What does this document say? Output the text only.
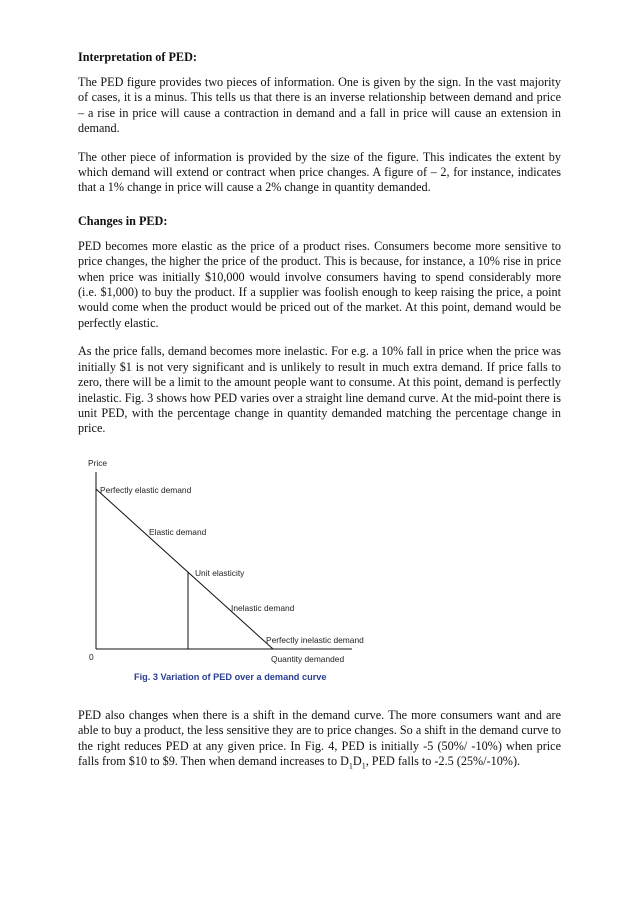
Interpretation of PED:

The PED figure provides two pieces of information. One is given by the sign. In the vast majority of cases, it is a minus. This tells us that there is an inverse relationship between demand and price – a rise in price will cause a contraction in demand and a fall in price will cause an extension in demand.

The other piece of information is provided by the size of the figure. This indicates the extent by which demand will extend or contract when price changes. A figure of – 2, for instance, indicates that a 1% change in price will cause a 2% change in quantity demanded.

Changes in PED:

PED becomes more elastic as the price of a product rises. Consumers become more sensitive to price changes, the higher the price of the product. This is because, for instance, a 10% rise in price when price was initially $10,000 would involve consumers having to spend considerably more (i.e. $1,000) to buy the product. If a supplier was foolish enough to keep raising the price, a point would come when the product would be priced out of the market. At this point, demand would be perfectly elastic.

As the price falls, demand becomes more inelastic. For e.g. a 10% fall in price when the price was initially $1 is not very significant and is unlikely to result in much extra demand. If price falls to zero, there will be a limit to the amount people want to consume. At this point, demand is perfectly inelastic. Fig. 3 shows how PED varies over a straight line demand curve. At the mid-point there is unit PED, with the percentage change in quantity demanded matching the percentage change in price.

Price
0
Perfectly elastic demand
Elastic demand
Unit elasticity
Inelastic demand
Perfectly inelastic demand
Quantity demanded
Fig. 3 Variation of PED over a demand curve

PED also changes when there is a shift in the demand curve. The more consumers want and are able to buy a product, the less sensitive they are to price changes. So a shift in the demand curve to the right reduces PED at any given price. In Fig. 4, PED is initially -5 (50%/ -10%) when price falls from $10 to $9. Then when demand increases to $D_1D_1$, PED falls to -2.5 (25%/-10%).
